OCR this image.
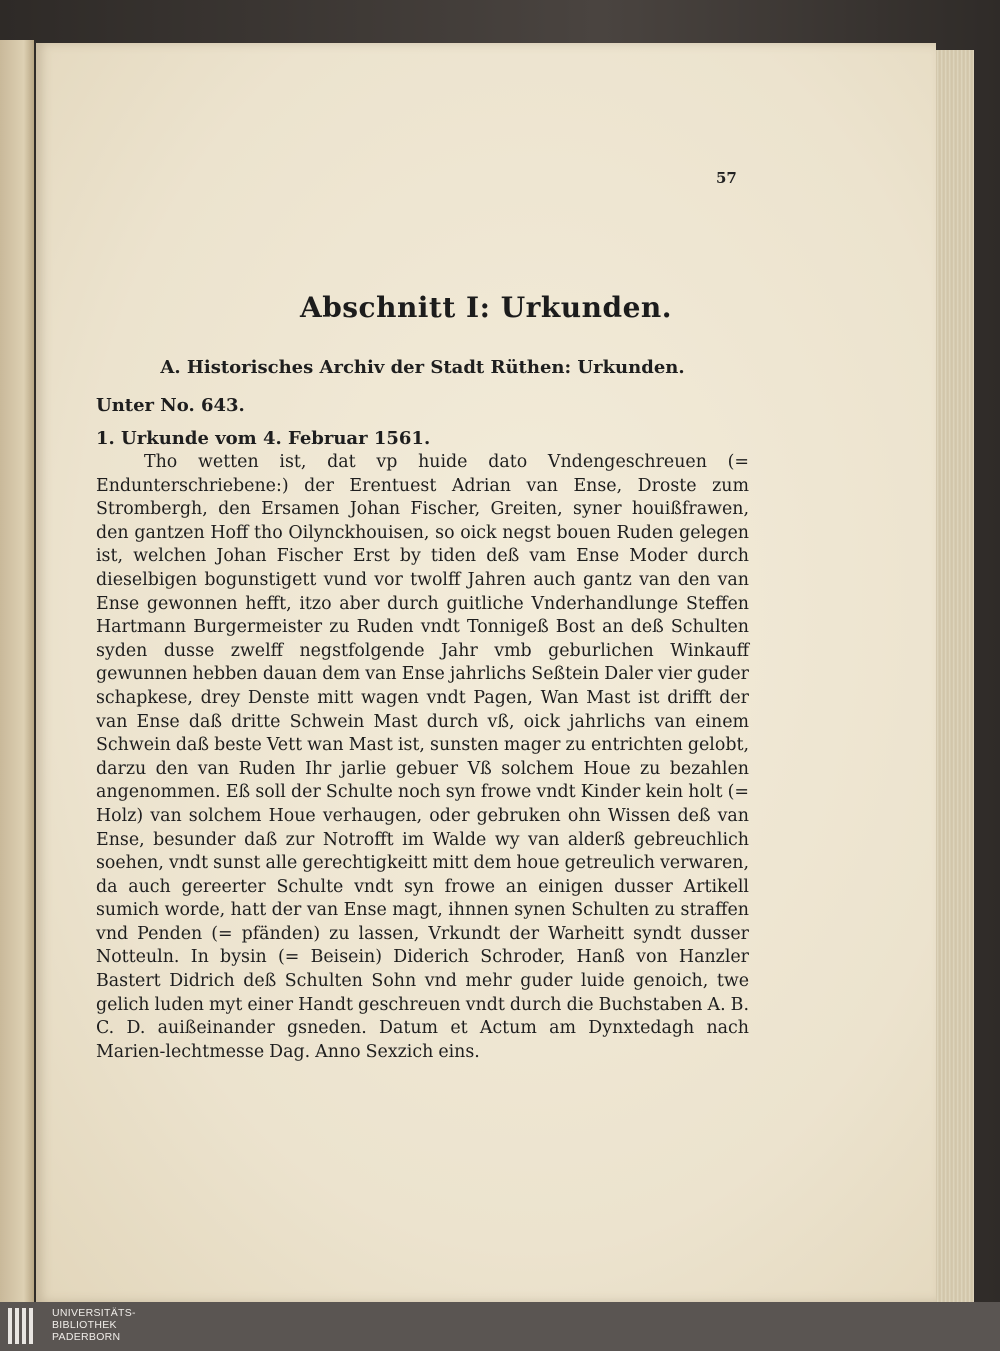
57
Abschnitt I: Urkunden.
A. Historisches Archiv der Stadt Rüthen: Urkunden.
Unter No. 643.
1. Urkunde vom 4. Februar 1561.
Tho wetten ist, dat vp huide dato Vndengeschreuen (= Endunterschriebene:) der Erentuest Adrian van Ense, Droste zum Strombergh, den Ersamen Johan Fischer, Greiten, syner houißfrawen, den gantzen Hoff tho Oilynckhouisen, so oick negst bouen Ruden gelegen ist, welchen Johan Fischer Erst by tiden deß vam Ense Moder durch dieselbigen bogunstigett vund vor twolff Jahren auch gantz van den van Ense gewonnen hefft, itzo aber durch guitliche Vnderhandlunge Steffen Hartmann Burgermeister zu Ruden vndt Tonnigeß Bost an deß Schulten syden dusse zwelff negstfolgende Jahr vmb geburlichen Winkauff gewunnen hebben dauan dem van Ense jahrlichs Seßtein Daler vier guder schapkese, drey Denste mitt wagen vndt Pagen, Wan Mast ist drifft der van Ense daß dritte Schwein Mast durch vß, oick jahrlichs van einem Schwein daß beste Vett wan Mast ist, sunsten mager zu entrichten gelobt, darzu den van Ruden Ihr jarlie gebuer Vß solchem Houe zu bezahlen angenommen. Eß soll der Schulte noch syn frowe vndt Kinder kein holt (= Holz) van solchem Houe verhaugen, oder gebruken ohn Wissen deß van Ense, besunder daß zur Notrofft im Walde wy van alderß gebreuchlich soehen, vndt sunst alle gerechtigkeitt mitt dem houe getreulich verwaren, da auch gereerter Schulte vndt syn frowe an einigen dusser Artikell sumich worde, hatt der van Ense magt, ihnnen synen Schulten zu straffen vnd Penden (= pfänden) zu lassen, Vrkundt der Warheitt syndt dusser Notteuln. In bysin (= Beisein) Diderich Schroder, Hanß von Hanzler Bastert Didrich deß Schulten Sohn vnd mehr guder luide genoich, twe gelich luden myt einer Handt geschreuen vndt durch die Buchstaben A. B. C. D. auißeinander gsneden. Datum et Actum am Dynxtedagh nach Marien-lechtmesse Dag. Anno Sexzich eins.
UNIVERSITÄTS-
BIBLIOTHEK
PADERBORN
